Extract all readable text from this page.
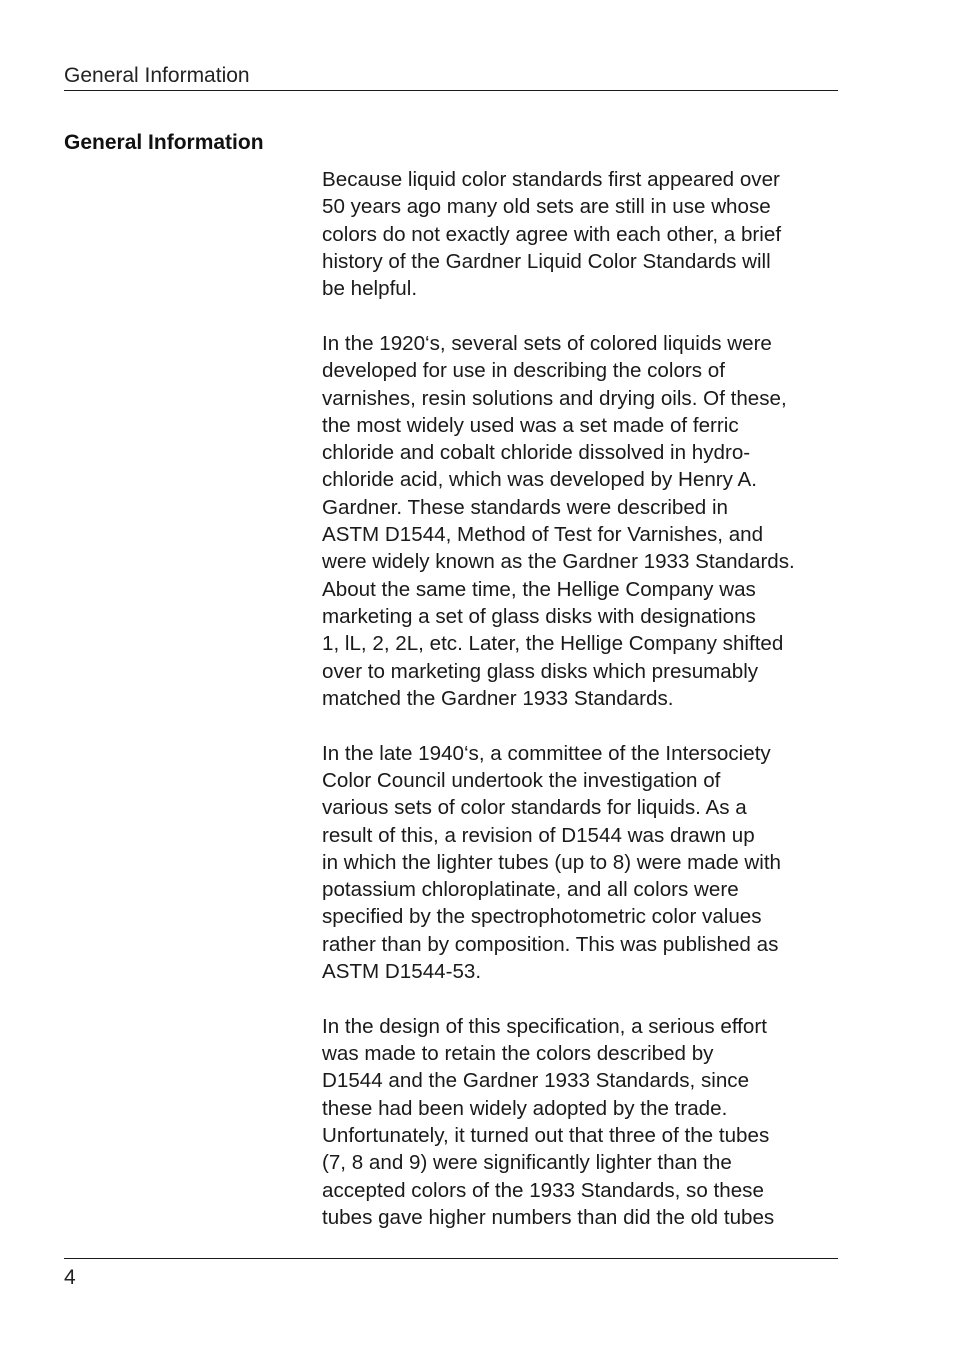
General Information
General Information

Because liquid color standards first appeared over
50 years ago many old sets are still in use whose
colors do not exactly agree with each other, a brief
history of the Gardner Liquid Color Standards will
be helpful.

In the 1920‘s, several sets of colored liquids were
developed for use in describing the colors of
varnishes, resin solutions and drying oils. Of these,
the most widely used was a set made of ferric
chloride and cobalt chloride dissolved in hydro-
chloride acid, which was developed by Henry A.
Gardner. These standards were described in
ASTM D1544, Method of Test for Varnishes, and
were widely known as the Gardner 1933 Standards.
About the same time, the Hellige Company was
marketing a set of glass disks with designations
1, lL, 2, 2L, etc. Later, the Hellige Company shifted
over to marketing glass disks which presumably
matched the Gardner 1933 Standards.

In the late 1940‘s, a committee of the Intersociety
Color Council undertook the investigation of
various sets of color standards for liquids. As a
result of this, a revision of D1544 was drawn up
in which the lighter tubes (up to 8) were made with
potassium chloroplatinate, and all colors were
specified by the spectrophotometric color values
rather than by composition. This was published as
ASTM D1544-53.

In the design of this specification, a serious effort
was made to retain the colors described by
D1544 and the Gardner 1933 Standards, since
these had been widely adopted by the trade.
Unfortunately, it turned out that three of the tubes
(7, 8 and 9) were significantly lighter than the
accepted colors of the 1933 Standards, so these
tubes gave higher numbers than did the old tubes

4
